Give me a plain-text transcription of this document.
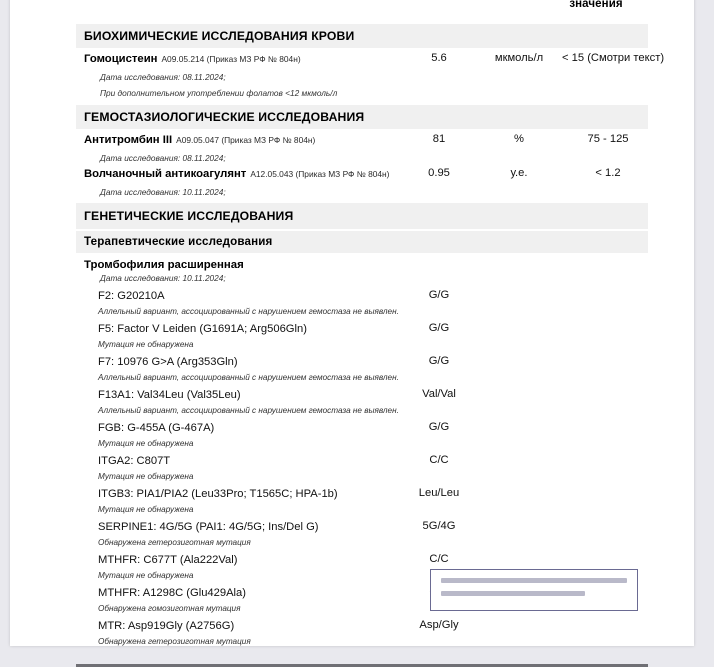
значения
БИОХИМИЧЕСКИЕ ИССЛЕДОВАНИЯ КРОВИ
Гомоцистеин A09.05.214 (Приказ МЗ РФ № 804н)	5.6	мкмоль/л	< 15 (Смотри текст)
Дата исследования: 08.11.2024;
При дополнительном употреблении фолатов <12 мкмоль/л
ГЕМОСТАЗИОЛОГИЧЕСКИЕ ИССЛЕДОВАНИЯ
Антитромбин III A09.05.047 (Приказ МЗ РФ № 804н)	81	%	75 - 125
Дата исследования: 08.11.2024;
Волчаночный антикоагулянт A12.05.043 (Приказ МЗ РФ № 804н)	0.95	у.е.	< 1.2
Дата исследования: 10.11.2024;
ГЕНЕТИЧЕСКИЕ ИССЛЕДОВАНИЯ
Терапевтические исследования
Тромбофилия расширенная
Дата исследования: 10.11.2024;
F2: G20210A	G/G
Аллельный вариант, ассоциированный с нарушением гемостаза не выявлен.
F5: Factor V Leiden (G1691A; Arg506Gln)	G/G
Мутация не обнаружена
F7: 10976 G>A (Arg353Gln)	G/G
Аллельный вариант, ассоциированный с нарушением гемостаза не выявлен.
F13A1: Val34Leu (Val35Leu)	Val/Val
Аллельный вариант, ассоциированный с нарушением гемостаза не выявлен.
FGB: G-455A (G-467A)	G/G
Мутация не обнаружена
ITGA2: C807T	C/C
Мутация не обнаружена
ITGB3: PIA1/PIA2 (Leu33Pro; T1565C; HPA-1b)	Leu/Leu
Мутация не обнаружена
SERPINE1: 4G/5G (PAI1: 4G/5G; Ins/Del G)	5G/4G
Обнаружена гетерозиготная мутация
MTHFR: C677T (Ala222Val)	C/C
Мутация не обнаружена
MTHFR: A1298C (Glu429Ala)
Обнаружена гомозиготная мутация
MTR: Asp919Gly (A2756G)	Asp/Gly
Обнаружена гетерозиготная мутация
